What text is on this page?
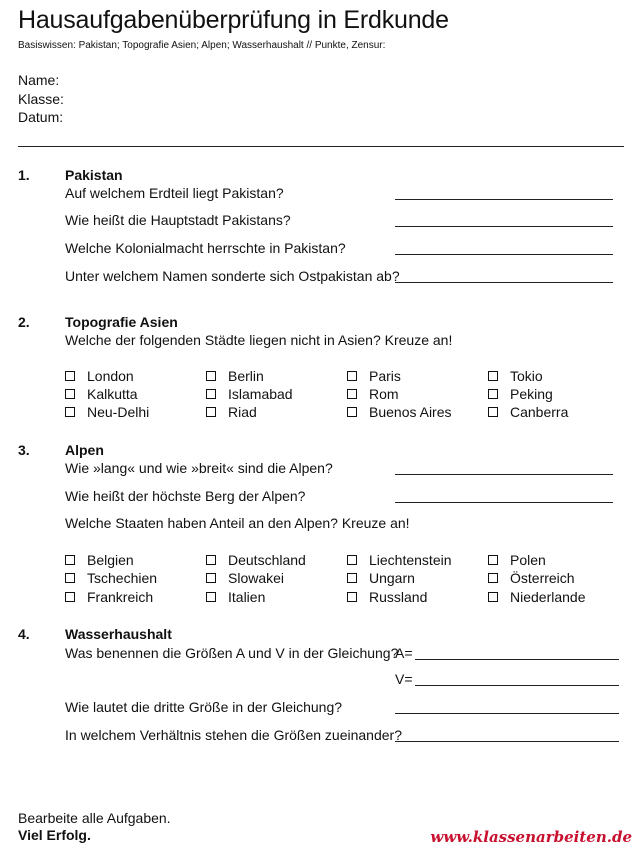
Hausaufgabenüberprüfung in Erdkunde
Basiswissen: Pakistan; Topografie Asien; Alpen; Wasserhaushalt // Punkte, Zensur:
Name:
Klasse:
Datum:
1.	Pakistan
Auf welchem Erdteil liegt Pakistan?
Wie heißt die Hauptstadt Pakistans?
Welche Kolonialmacht herrschte in Pakistan?
Unter welchem Namen sonderte sich Ostpakistan ab?
2.	Topografie Asien
Welche der folgenden Städte liegen nicht in Asien? Kreuze an!
London	Berlin	Paris	Tokio
Kalkutta	Islamabad	Rom	Peking
Neu-Delhi	Riad	Buenos Aires	Canberra
3.	Alpen
Wie »lang« und wie »breit« sind die Alpen?
Wie heißt der höchste Berg der Alpen?
Welche Staaten haben Anteil an den Alpen? Kreuze an!
Belgien	Deutschland	Liechtenstein	Polen
Tschechien	Slowakei	Ungarn	Österreich
Frankreich	Italien	Russland	Niederlande
4.	Wasserhaushalt
Was benennen die Größen A und V in der Gleichung?
A=
V=
Wie lautet die dritte Größe in der Gleichung?
In welchem Verhältnis stehen die Größen zueinander?
Bearbeite alle Aufgaben.
Viel Erfolg.	www.klassenarbeiten.de
